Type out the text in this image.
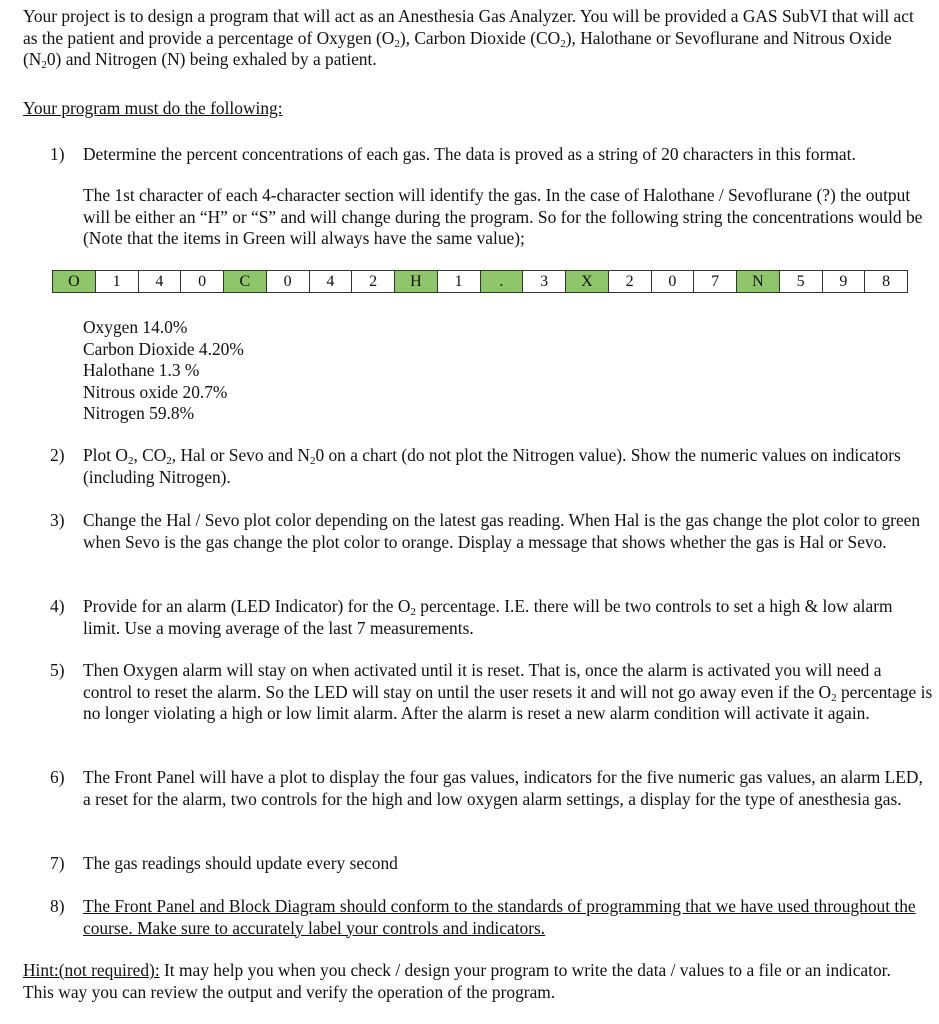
Your project is to design a program that will act as an Anesthesia Gas Analyzer. You will be provided a GAS SubVI that will act as the patient and provide a percentage of Oxygen $(O_2)$, Carbon Dioxide $(CO_2)$, Halothane or Sevoflurane and Nitrous Oxide $(N_20)$ and Nitrogen (N) being exhaled by a patient.

Your program must do the following:

1)	Determine the percent concentrations of each gas. The data is proved as a string of 20 characters in this format.

The 1st character of each 4-character section will identify the gas. In the case of Halothane / Sevoflurane (?) the output will be either an “H” or “S” and will change during the program. So for the following string the concentrations would be (Note that the items in Green will always have the same value);

O	1	4	0	C	0	4	2	H	1	.	3	X	2	0	7	N	5	9	8
Oxygen 14.0%
Carbon Dioxide 4.20%
Halothane 1.3 %
Nitrous oxide 20.7%
Nitrogen 59.8%
2)	Plot $O_2$, $CO_2$, Hal or Sevo and $N_20$ on a chart (do not plot the Nitrogen value). Show the numeric values on indicators (including Nitrogen).
3)	Change the Hal / Sevo plot color depending on the latest gas reading. When Hal is the gas change the plot color to green when Sevo is the gas change the plot color to orange. Display a message that shows whether the gas is Hal or Sevo.
4)	Provide for an alarm (LED Indicator) for the $O_2$ percentage. I.E. there will be two controls to set a high & low alarm limit. Use a moving average of the last 7 measurements.
5)	Then Oxygen alarm will stay on when activated until it is reset. That is, once the alarm is activated you will need a control to reset the alarm. So the LED will stay on until the user resets it and will not go away even if the $O_2$ percentage is no longer violating a high or low limit alarm. After the alarm is reset a new alarm condition will activate it again.
6)	The Front Panel will have a plot to display the four gas values, indicators for the five numeric gas values, an alarm LED, a reset for the alarm, two controls for the high and low oxygen alarm settings, a display for the type of anesthesia gas.
7)	The gas readings should update every second
8)	The Front Panel and Block Diagram should conform to the standards of programming that we have used throughout the course. Make sure to accurately label your controls and indicators.

Hint:(not required): It may help you when you check / design your program to write the data / values to a file or an indicator. This way you can review the output and verify the operation of the program.
